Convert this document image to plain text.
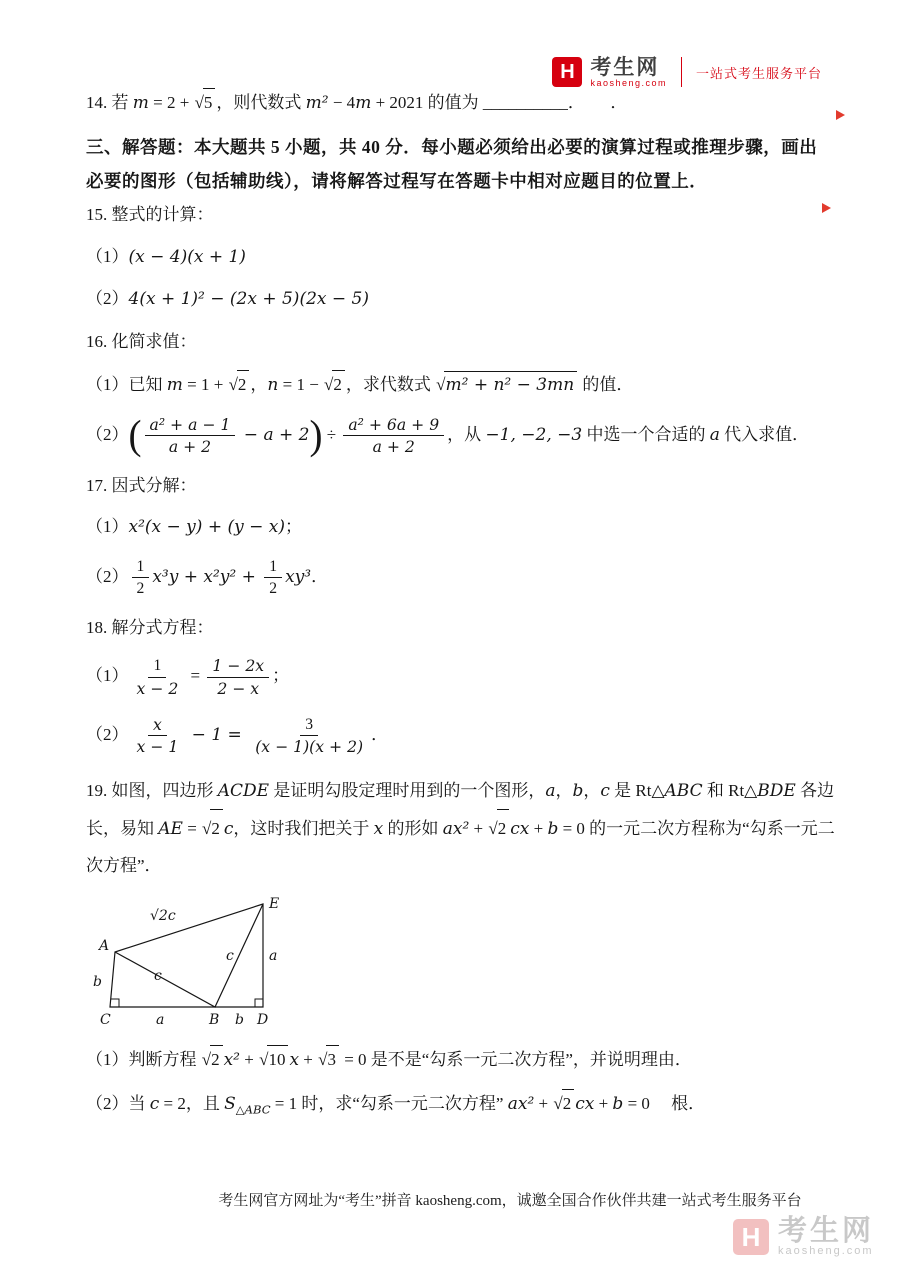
H 考生网
kaosheng.com
一站式考生服务平台
14. 若 m = 2 + √5 ，则代数式 m² − 4m + 2021 的值为 __________．      ．
三、解答题：本大题共 5 小题，共 40 分．每小题必须给出必要的演算过程或推理步骤，画出
必要的图形（包括辅助线），请将解答过程写在答题卡中相对应题目的位置上．
15. 整式的计算：
（1）(x − 4)(x + 1)
（2）4(x + 1)² − (2x + 5)(2x − 5)
16. 化简求值：
（1）已知 m = 1 + √2 ，n = 1 − √2 ，求代数式 √m² + n² − 3mn 的值．
$(2)( \frac{\text{a² + a − 1}}{a + 2} - a + 2) \div \frac{\text{a² + 6a + 9}}{a + 2}$ ，从 −1, −2, −3 中选一个合适的 a 代入求值．
17. 因式分解：
（1）x²(x − y) + (y − x)；
$(2) \frac{1}{2} x^3y + x^2y^2 + \frac{1}{2} xy^3$．
18. 解分式方程：
$(1) \frac{1}{x - 2} = \frac{1 - 2x}{2 - x}$ ；
$(2) \frac{x}{x - 1} - 1 = \frac{3}{(x - 1)(x + 2)}$ ．
19. 如图，四边形 ACDE 是证明勾股定理时用到的一个图形，a，b，c 是 Rt△ABC 和 Rt△BDE 各边长，易知 AE = √2 c，这时我们把关于 x 的形如 ax² + √2 cx + b = 0 的一元二次方程称为“勾系一元二次方程”．
√2c
E
A
b	c
c	a
C	a	B b D
（1）判断方程 √2 x² + √10 x + √3 = 0 是不是“勾系一元二次方程”，并说明理由．
（2）当 c = 2，且 $S_{\triangle ABC} = 1$ 时，求“勾系一元二次方程” ax² + √2 cx + b = 0　 根．
考生网官方网址为“考生”拼音 kaosheng.com，诚邀全国合作伙伴共建一站式考生服务平台
H 考生网
kaosheng.com
